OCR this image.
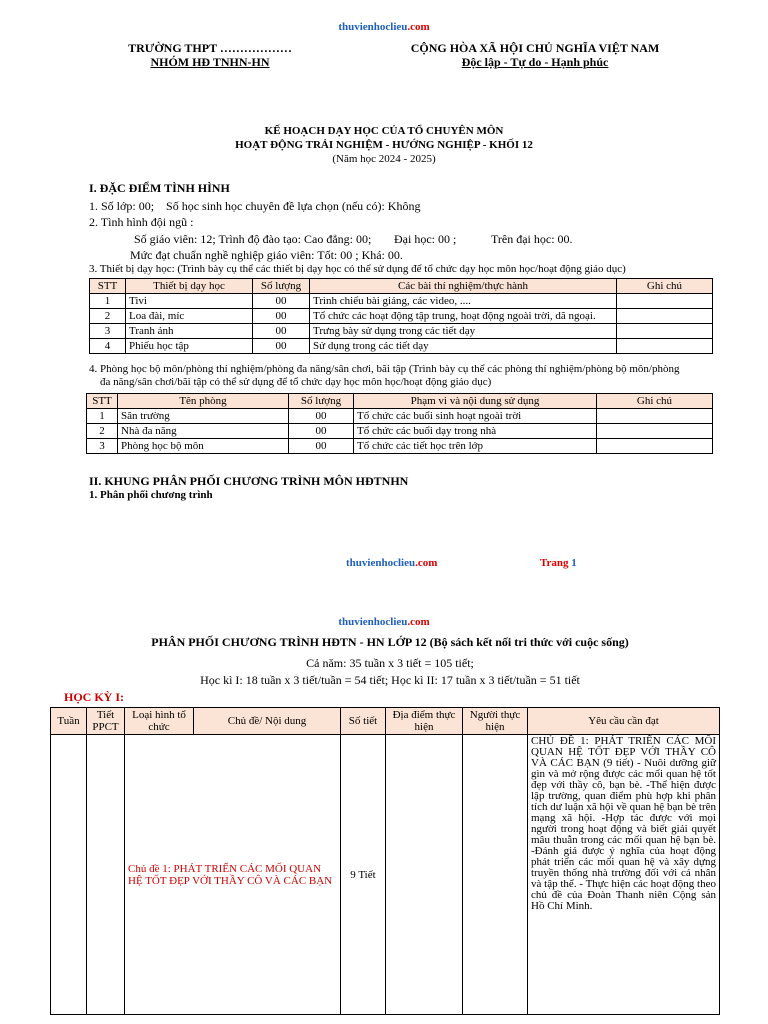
thuvienhoclieu.com
TRƯỜNG THPT ………………
NHÓM HĐ TNHN-HN
CỘNG HÒA XÃ HỘI CHỦ NGHĨA VIỆT NAM
Độc lập - Tự do - Hạnh phúc
KẾ HOẠCH DẠY HỌC CỦA TỔ CHUYÊN MÔN
HOẠT ĐỘNG TRẢI NGHIỆM - HƯỚNG NGHIỆP - KHỐI 12
(Năm học 2024 - 2025)
I. ĐẶC ĐIỂM TÌNH HÌNH
1. Số lớp: 00;    Số học sinh học chuyên đề lựa chọn (nếu có): Không
2. Tình hình đội ngũ :
Số giáo viên: 12; Trình độ đào tạo: Cao đẳng: 00; Đại học: 00 ;	Trên đại học: 00.
Mức đạt chuẩn nghề nghiệp giáo viên: Tốt: 00 ; Khá: 00.
3. Thiết bị dạy học: (Trình bày cụ thể các thiết bị dạy học có thể sử dụng để tổ chức dạy học môn học/hoạt động giáo dục)
STT	Thiết bị dạy học	Số lượng	Các bài thí nghiệm/thực hành	Ghi chú
1	Tivi	00	Trình chiếu bài giảng, các video, ....	
2	Loa đài, míc	00	Tổ chức các hoạt động tập trung, hoạt động ngoài trời, dã ngoại.	
3	Tranh ảnh	00	Trưng bày sử dụng trong các tiết dạy	
4	Phiếu học tập	00	Sử dụng trong các tiết dạy	
4. Phòng học bộ môn/phòng thí nghiệm/phòng đa năng/sân chơi, bãi tập (Trình bày cụ thể các phòng thí nghiệm/phòng bộ môn/phòng
đa năng/sân chơi/bãi tập có thể sử dụng để tổ chức dạy học môn học/hoạt động giáo dục)
STT	Tên phòng	Số lượng	Phạm vi và nội dung sử dụng	Ghi chú
1	Sân trường	00	Tổ chức các buổi sinh hoạt ngoài trời	
2	Nhà đa năng	00	Tổ chức các buổi dạy trong nhà	
3	Phòng học bộ môn	00	Tổ chức các tiết học trên lớp	
II. KHUNG PHÂN PHỐI CHƯƠNG TRÌNH MÔN HĐTNHN
1. Phân phối chương trình
thuvienhoclieu.com	Trang 1
thuvienhoclieu.com
PHÂN PHỐI CHƯƠNG TRÌNH HĐTN - HN LỚP 12 (Bộ sách kết nối tri thức với cuộc sống)
Cả năm: 35 tuần x 3 tiết = 105 tiết;
Học kì I: 18 tuần x 3 tiết/tuần = 54 tiết; Học kì II: 17 tuần x 3 tiết/tuần = 51 tiết
HỌC KỲ I:
Tuần	Tiết PPCT	Loại hình tổ chức	Chủ đề/ Nội dung	Số tiết	Địa điểm thực hiện	Người thực hiện	Yêu cầu cần đạt
		Chủ đề 1: PHÁT TRIỂN CÁC MỐI QUAN HỆ TỐT ĐẸP VỚI THẦY CÔ VÀ CÁC BẠN		9 Tiết			CHỦ ĐỀ 1: PHÁT TRIỂN CÁC MỐI QUAN HỆ TỐT ĐẸP VỚI THẦY CÔ VÀ CÁC BẠN (9 tiết) - Nuôi dưỡng giữ gìn và mở rộng được các mối quan hệ tốt đẹp với thầy cô, bạn bè. -Thể hiện được lập trường, quan điểm phù hợp khi phân tích dư luận xã hội về quan hệ bạn bè trên mạng xã hội. -Hợp tác được với mọi người trong hoạt động và biết giải quyết mâu thuẫn trong các mối quan hệ bạn bè. -Đánh giá được ý nghĩa của hoạt động phát triển các mối quan hệ và xây dựng truyền thống nhà trường đối với cá nhân và tập thể. - Thực hiện các hoạt động theo chủ đề của Đoàn Thanh niên Cộng sản Hồ Chí Minh.
